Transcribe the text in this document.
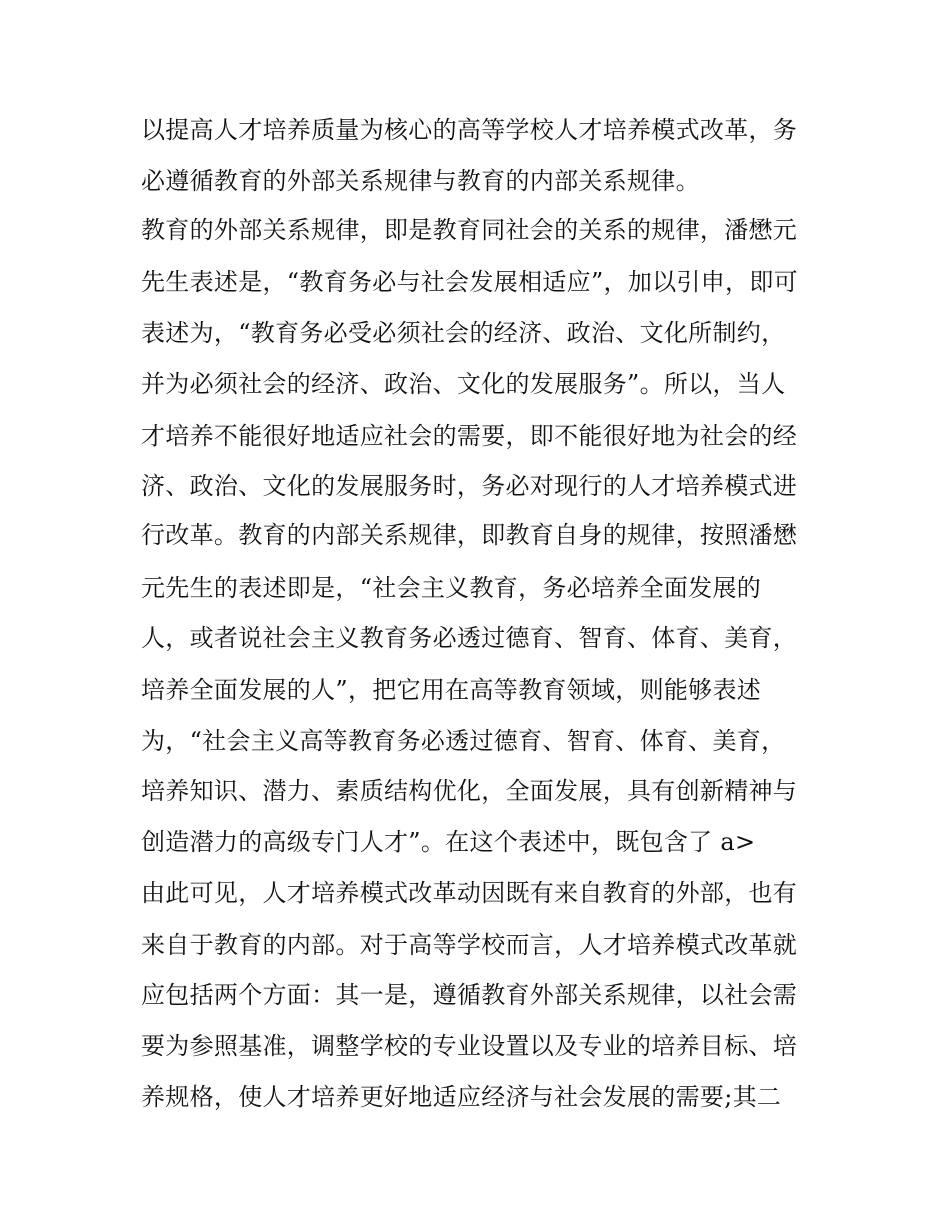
以提高人才培养质量为核心的高等学校人才培养模式改革，务
必遵循教育的外部关系规律与教育的内部关系规律。
教育的外部关系规律，即是教育同社会的关系的规律，潘懋元
先生表述是，“教育务必与社会发展相适应”，加以引申，即可
表述为，“教育务必受必须社会的经济、政治、文化所制约，
并为必须社会的经济、政治、文化的发展服务”。所以，当人
才培养不能很好地适应社会的需要，即不能很好地为社会的经
济、政治、文化的发展服务时，务必对现行的人才培养模式进
行改革。教育的内部关系规律，即教育自身的规律，按照潘懋
元先生的表述即是，“社会主义教育，务必培养全面发展的
人，或者说社会主义教育务必透过德育、智育、体育、美育，
培养全面发展的人”，把它用在高等教育领域，则能够表述
为，“社会主义高等教育务必透过德育、智育、体育、美育，
培养知识、潜力、素质结构优化，全面发展，具有创新精神与
创造潜力的高级专门人才”。在这个表述中，既包含了 a>
由此可见，人才培养模式改革动因既有来自教育的外部，也有
来自于教育的内部。对于高等学校而言，人才培养模式改革就
应包括两个方面：其一是，遵循教育外部关系规律，以社会需
要为参照基准，调整学校的专业设置以及专业的培养目标、培
养规格，使人才培养更好地适应经济与社会发展的需要;其二
